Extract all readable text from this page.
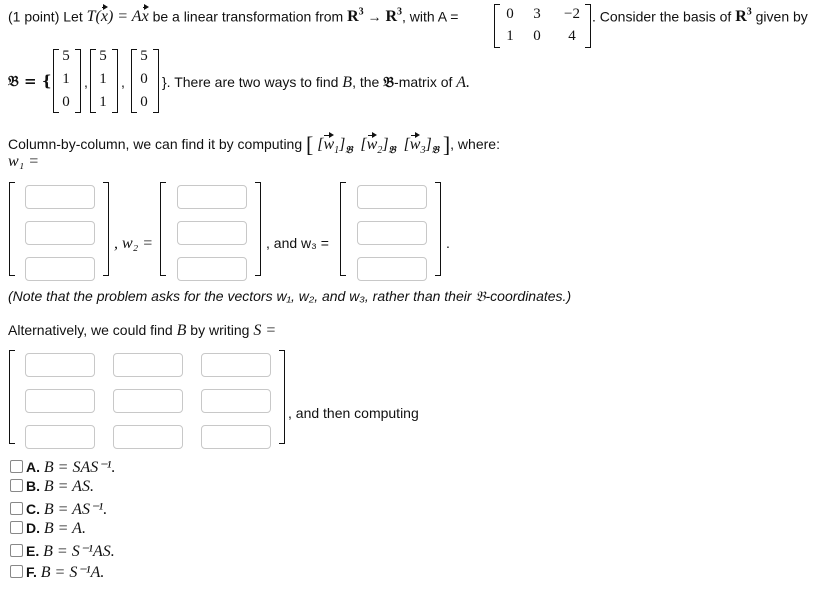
(1 point) Let T(x) = Ax be a linear transformation from $R^3 \to R^3$, with A =	0	3	−2
1	0	4
. Consider the basis of $R^3$ given by
𝔅 = {
5
1
0
,
5
1
1
,
5
0
0
}. There are two ways to find B, the 𝔅-matrix of A.
Column-by-column, we can find it by computing [ $[w_1]_𝔅$ $[w_2]_𝔅$ $[w_3]_𝔅$ ], where:
w₁ =
, w₂ =	, and w₃ =	.
(Note that the problem asks for the vectors w₁, w₂, and w₃, rather than their 𝔅-coordinates.)
Alternatively, we could find B by writing S =
, and then computing
A. B = SAS⁻¹.
B. B = AS.
C. B = AS⁻¹.
D. B = A.
E. B = S⁻¹AS.
F. B = S⁻¹A.
